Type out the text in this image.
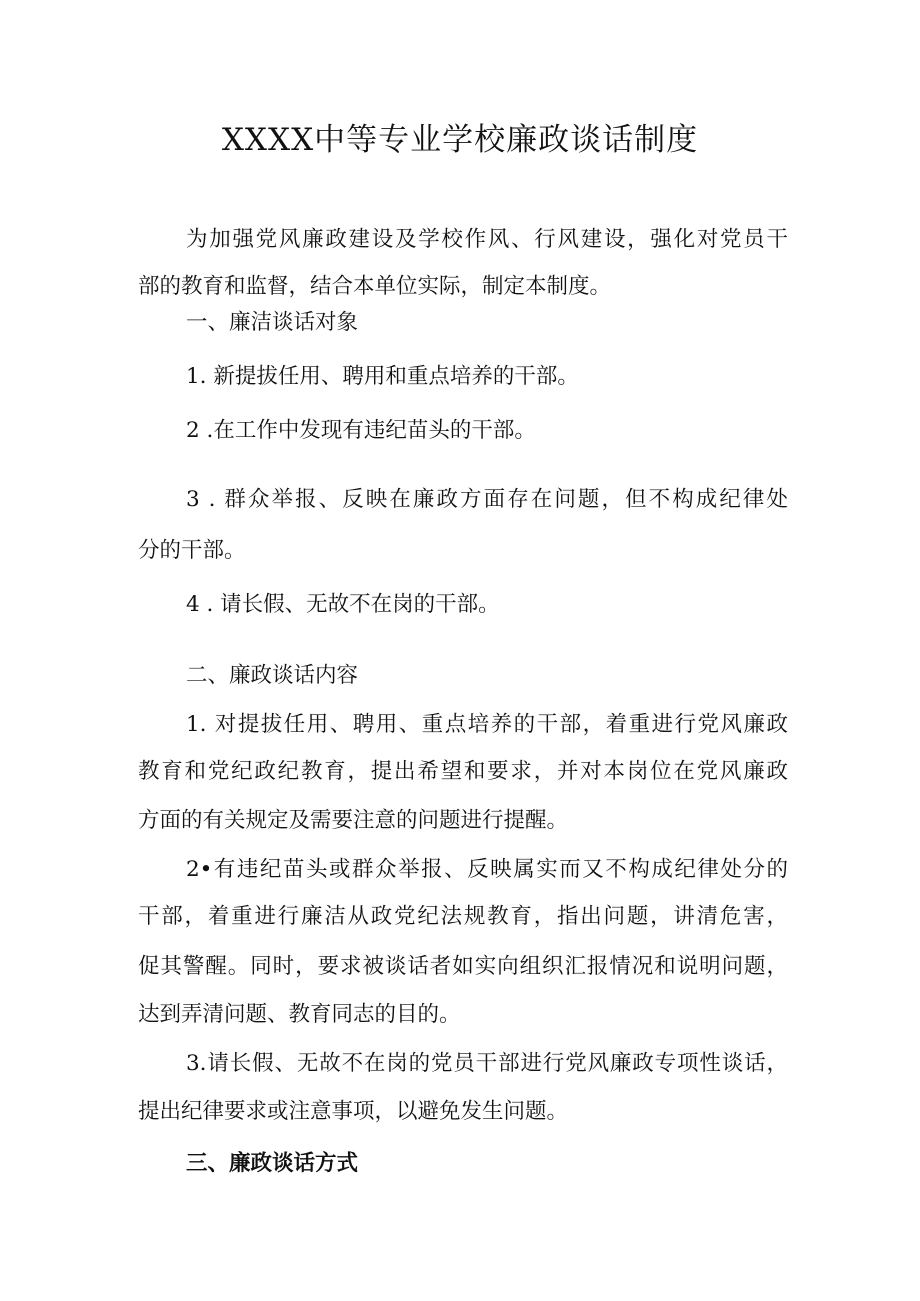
XXXX中等专业学校廉政谈话制度
为加强党风廉政建设及学校作风、行风建设，强化对党员干
部的教育和监督，结合本单位实际，制定本制度。
一、廉洁谈话对象
1. 新提拔任用、聘用和重点培养的干部。
2 .在工作中发现有违纪苗头的干部。
3 . 群众举报、反映在廉政方面存在问题，但不构成纪律处
分的干部。
4 . 请长假、无故不在岗的干部。
二、廉政谈话内容
1. 对提拔任用、聘用、重点培养的干部，着重进行党风廉政
教育和党纪政纪教育，提出希望和要求，并对本岗位在党风廉政
方面的有关规定及需要注意的问题进行提醒。
2•有违纪苗头或群众举报、反映属实而又不构成纪律处分的
干部，着重进行廉洁从政党纪法规教育，指出问题，讲清危害，
促其警醒。同时，要求被谈话者如实向组织汇报情况和说明问题，
达到弄清问题、教育同志的目的。
3.请长假、无故不在岗的党员干部进行党风廉政专项性谈话，
提出纪律要求或注意事项，以避免发生问题。
三、廉政谈话方式
